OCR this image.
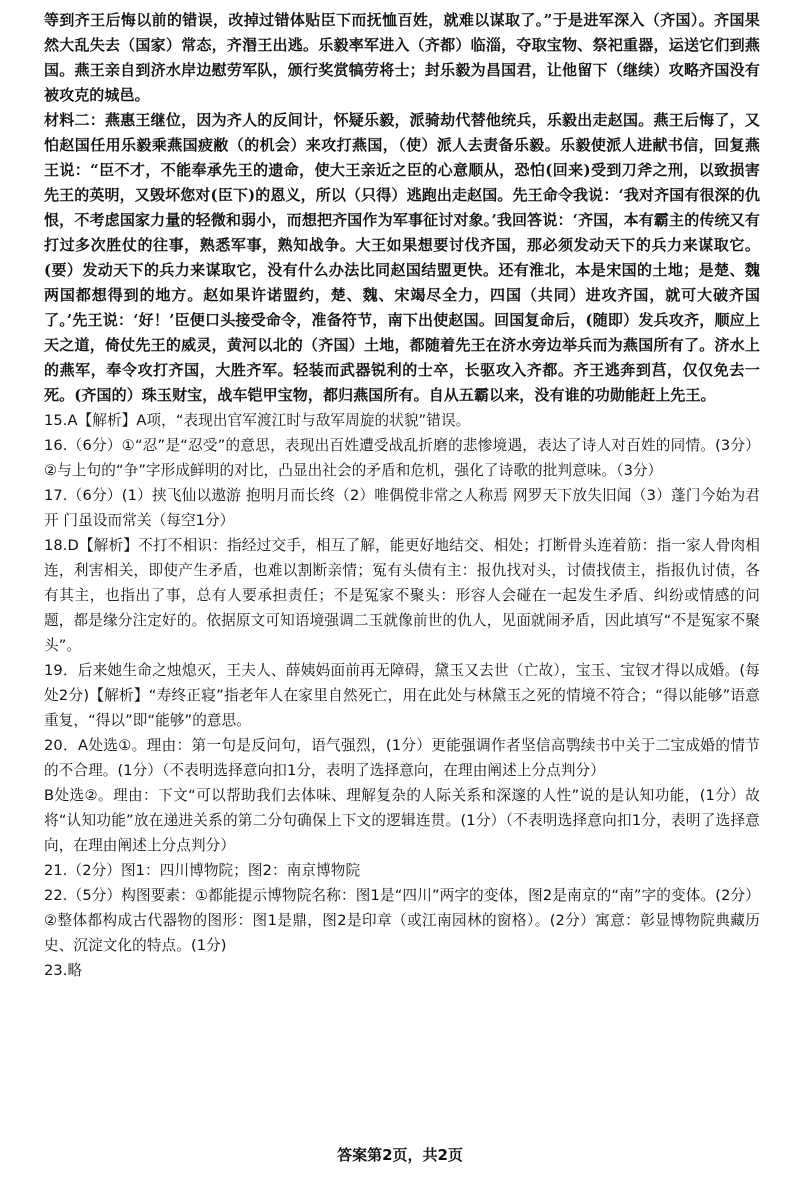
等到齐王后悔以前的错误，改掉过错体贴臣下而抚恤百姓，就难以谋取了。”于是进军深入（齐国）。齐国果然大乱失去（国家）常态，齐湣王出逃。乐毅率军进入（齐都）临淄，夺取宝物、祭祀重器，运送它们到燕国。燕王亲自到济水岸边慰劳军队，颁行奖赏犒劳将士；封乐毅为昌国君，让他留下（继续）攻略齐国没有被攻克的城邑。

材料二：燕惠王继位，因为齐人的反间计，怀疑乐毅，派骑劫代替他统兵，乐毅出走赵国。燕王后悔了，又怕赵国任用乐毅乘燕国疲敝（的机会）来攻打燕国，（使）派人去责备乐毅。乐毅使派人进献书信，回复燕王说：“臣不才，不能奉承先王的遗命，使大王亲近之臣的心意顺从，恐怕(回来)受到刀斧之刑，以致损害先王的英明，又毁坏您对(臣下)的恩义，所以（只得）逃跑出走赵国。先王命令我说：‘我对齐国有很深的仇恨，不考虑国家力量的轻微和弱小，而想把齐国作为军事征讨对象。’我回答说：‘齐国，本有霸主的传统又有打过多次胜仗的往事，熟悉军事，熟知战争。大王如果想要讨伐齐国，那必须发动天下的兵力来谋取它。(要）发动天下的兵力来谋取它，没有什么办法比同赵国结盟更快。还有淮北，本是宋国的土地；是楚、魏两国都想得到的地方。赵如果许诺盟约，楚、魏、宋竭尽全力，四国（共同）进攻齐国，就可大破齐国了。’先王说：‘好！’臣便口头接受命令，准备符节，南下出使赵国。回国复命后，(随即）发兵攻齐，顺应上天之道，倚仗先王的威灵，黄河以北的（齐国）土地，都随着先王在济水旁边举兵而为燕国所有了。济水上的燕军，奉令攻打齐国，大胜齐军。轻装而武器锐利的士卒，长驱攻入齐都。齐王逃奔到莒，仅仅免去一死。(齐国的）珠玉财宝，战车铠甲宝物，都归燕国所有。自从五霸以来，没有谁的功勋能赶上先王。

15.A【解析】A项，“表现出官军渡江时与敌军周旋的状貌”错误。

16.（6分）①“忍”是“忍受”的意思，表现出百姓遭受战乱折磨的悲惨境遇，表达了诗人对百姓的同情。(3分）②与上句的“争”字形成鲜明的对比，凸显出社会的矛盾和危机，强化了诗歌的批判意味。（3分）

17.（6分）(1）挟飞仙以遨游 抱明月而长终（2）唯偶傥非常之人称焉 网罗天下放失旧闻（3）蓬门今始为君开 门虽设而常关（每空1分）

18.D【解析】不打不相识：指经过交手，相互了解，能更好地结交、相处；打断骨头连着筋：指一家人骨肉相连，利害相关，即使产生矛盾，也难以割断亲情；冤有头债有主：报仇找对头，讨债找债主，指报仇讨债，各有其主，也指出了事，总有人要承担责任；不是冤家不聚头：形容人会碰在一起发生矛盾、纠纷或情感的问题，都是缘分注定好的。依据原文可知语境强调二玉就像前世的仇人，见面就闹矛盾，因此填写“不是冤家不聚头”。

19．后来她生命之烛熄灭，王夫人、薛姨妈面前再无障碍，黛玉又去世（亡故），宝玉、宝钗才得以成婚。(每处2分)【解析】“寿终正寝”指老年人在家里自然死亡，用在此处与林黛玉之死的情境不符合；“得以能够”语意重复，“得以”即“能够”的意思。

20．A处选①。理由：第一句是反问句，语气强烈，(1分）更能强调作者坚信高鹗续书中关于二宝成婚的情节的不合理。(1分）（不表明选择意向扣1分，表明了选择意向，在理由阐述上分点判分）

B处选②。理由：下文“可以帮助我们去体味、理解复杂的人际关系和深邃的人性”说的是认知功能，(1分）故将“认知功能”放在递进关系的第二分句确保上下文的逻辑连贯。(1分）（不表明选择意向扣1分，表明了选择意向，在理由阐述上分点判分）

21.（2分）图1：四川博物院；图2：南京博物院

22.（5分）构图要素：①都能提示博物院名称：图1是“四川”两字的变体，图2是南京的“南”字的变体。(2分）②整体都构成古代器物的图形：图1是鼎，图2是印章（或江南园林的窗格）。(2分）寓意：彰显博物院典藏历史、沉淀文化的特点。(1分)

23.略

答案第2页，共2页
